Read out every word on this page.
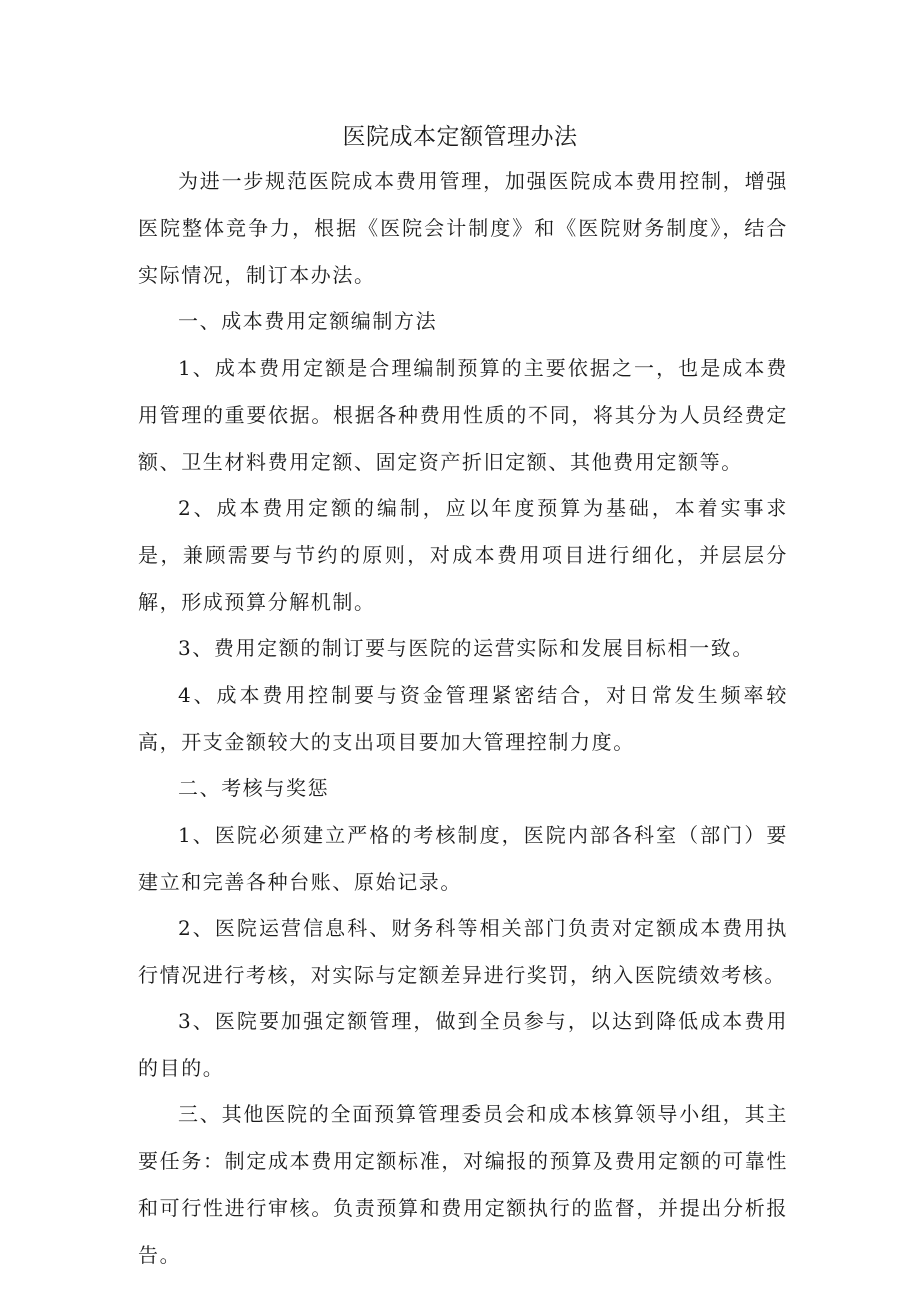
医院成本定额管理办法

为进一步规范医院成本费用管理，加强医院成本费用控制，增强医院整体竞争力，根据《医院会计制度》和《医院财务制度》，结合实际情况，制订本办法。

一、成本费用定额编制方法

1、成本费用定额是合理编制预算的主要依据之一，也是成本费用管理的重要依据。根据各种费用性质的不同，将其分为人员经费定额、卫生材料费用定额、固定资产折旧定额、其他费用定额等。

2、成本费用定额的编制，应以年度预算为基础，本着实事求是，兼顾需要与节约的原则，对成本费用项目进行细化，并层层分解，形成预算分解机制。

3、费用定额的制订要与医院的运营实际和发展目标相一致。

4、成本费用控制要与资金管理紧密结合，对日常发生频率较高，开支金额较大的支出项目要加大管理控制力度。

二、考核与奖惩

1、医院必须建立严格的考核制度，医院内部各科室（部门）要建立和完善各种台账、原始记录。

2、医院运营信息科、财务科等相关部门负责对定额成本费用执行情况进行考核，对实际与定额差异进行奖罚，纳入医院绩效考核。

3、医院要加强定额管理，做到全员参与，以达到降低成本费用的目的。

三、其他医院的全面预算管理委员会和成本核算领导小组，其主要任务：制定成本费用定额标准，对编报的预算及费用定额的可靠性和可行性进行审核。负责预算和费用定额执行的监督，并提出分析报告。
